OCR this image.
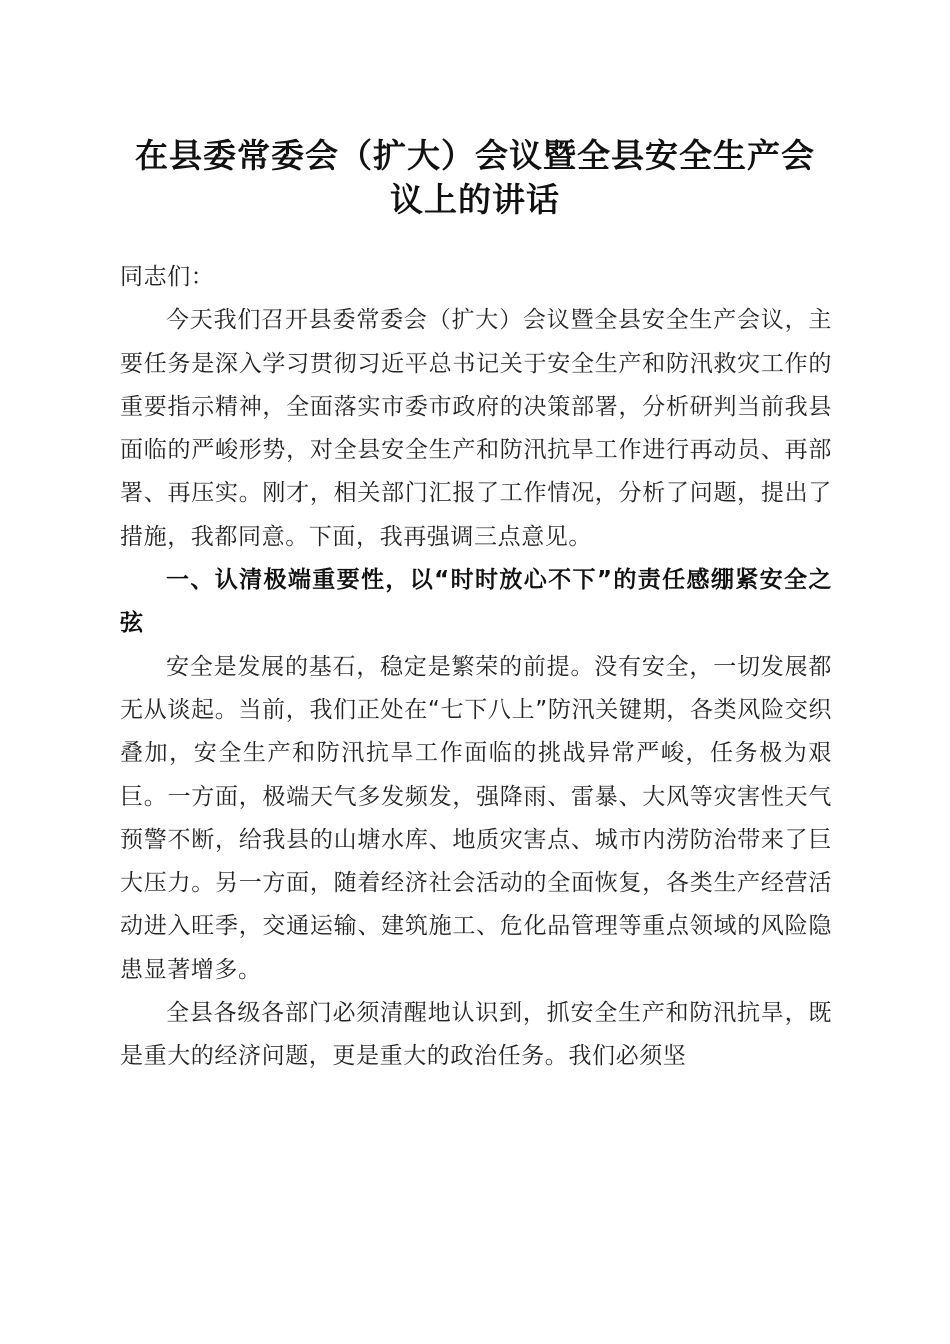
在县委常委会（扩大）会议暨全县安全生产会
议上的讲话

同志们：

今天我们召开县委常委会（扩大）会议暨全县安全生产会议，主要任务是深入学习贯彻习近平总书记关于安全生产和防汛救灾工作的重要指示精神，全面落实市委市政府的决策部署，分析研判当前我县面临的严峻形势，对全县安全生产和防汛抗旱工作进行再动员、再部署、再压实。刚才，相关部门汇报了工作情况，分析了问题，提出了措施，我都同意。下面，我再强调三点意见。

一、认清极端重要性，以“时时放心不下”的责任感绷紧安全之弦

安全是发展的基石，稳定是繁荣的前提。没有安全，一切发展都无从谈起。当前，我们正处在“七下八上”防汛关键期，各类风险交织叠加，安全生产和防汛抗旱工作面临的挑战异常严峻，任务极为艰巨。一方面，极端天气多发频发，强降雨、雷暴、大风等灾害性天气预警不断，给我县的山塘水库、地质灾害点、城市内涝防治带来了巨大压力。另一方面，随着经济社会活动的全面恢复，各类生产经营活动进入旺季，交通运输、建筑施工、危化品管理等重点领域的风险隐患显著增多。

全县各级各部门必须清醒地认识到，抓安全生产和防汛抗旱，既是重大的经济问题，更是重大的政治任务。我们必须坚
